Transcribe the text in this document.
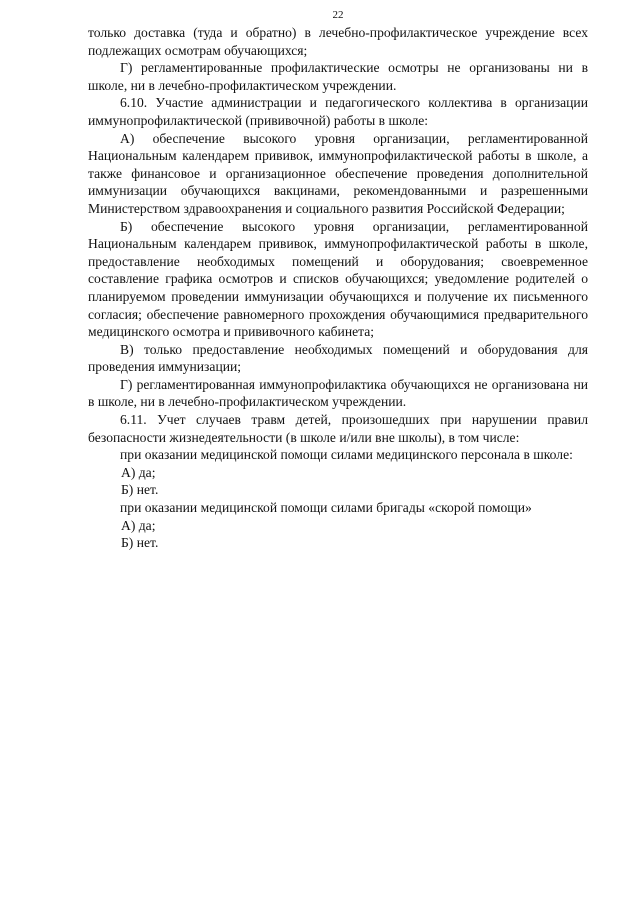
22

только доставка (туда и обратно) в лечебно-профилактическое учреждение всех подлежащих осмотрам обучающихся;

Г) регламентированные профилактические осмотры не организованы ни в школе, ни в лечебно-профилактическом учреждении.

6.10. Участие администрации и педагогического коллектива в организации иммунопрофилактической (прививочной) работы в школе:

А) обеспечение высокого уровня организации, регламентированной Национальным календарем прививок, иммунопрофилактической работы в школе, а также финансовое и организационное обеспечение проведения дополнительной иммунизации обучающихся вакцинами, рекомендованными и разрешенными Министерством здравоохранения и социального развития Российской Федерации;

Б) обеспечение высокого уровня организации, регламентированной Национальным календарем прививок, иммунопрофилактической работы в школе, предоставление необходимых помещений и оборудования; своевременное составление графика осмотров и списков обучающихся; уведомление родителей о планируемом проведении иммунизации обучающихся и получение их письменного согласия; обеспечение равномерного прохождения обучающимися предварительного медицинского осмотра и прививочного кабинета;

В) только предоставление необходимых помещений и оборудования для проведения иммунизации;

Г) регламентированная иммунопрофилактика обучающихся не организована ни в школе, ни в лечебно-профилактическом учреждении.

6.11. Учет случаев травм детей, произошедших при нарушении правил безопасности жизнедеятельности (в школе и/или вне школы), в том числе:

при оказании медицинской помощи силами медицинского персонала в школе:

А) да;

Б) нет.

при оказании медицинской помощи силами бригады «скорой помощи»

А) да;

Б) нет.
